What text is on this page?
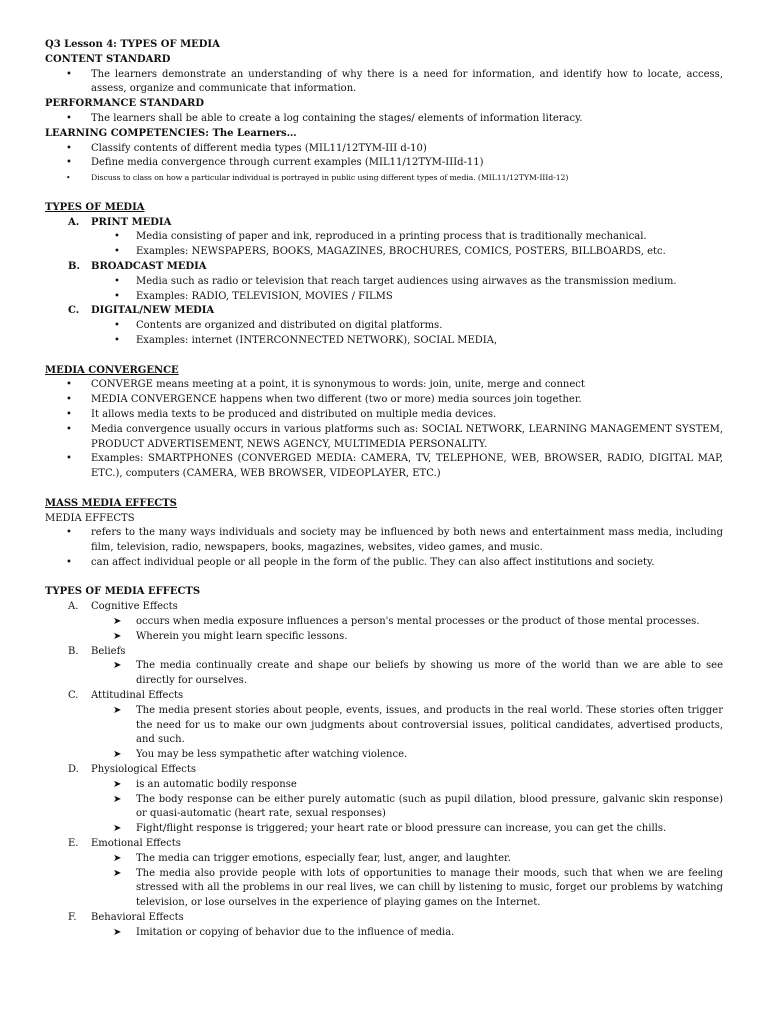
Q3 Lesson 4: TYPES OF MEDIA

CONTENT STANDARD

• The learners demonstrate an understanding of why there is a need for information, and identify how to locate, access, assess, organize and communicate that information.

PERFORMANCE STANDARD

• The learners shall be able to create a log containing the stages/ elements of information literacy.

LEARNING COMPETENCIES: The Learners…

• Classify contents of different media types (MIL11/12TYM-III d-10)
• Define media convergence through current examples (MIL11/12TYM-IIId-11)
• Discuss to class on how a particular individual is portrayed in public using different types of media. (MIL11/12TYM-IIId-12)

TYPES OF MEDIA

A. PRINT MEDIA

• Media consisting of paper and ink, reproduced in a printing process that is traditionally mechanical.
• Examples: NEWSPAPERS, BOOKS, MAGAZINES, BROCHURES, COMICS, POSTERS, BILLBOARDS, etc.

B. BROADCAST MEDIA

• Media such as radio or television that reach target audiences using airwaves as the transmission medium.
• Examples: RADIO, TELEVISION, MOVIES / FILMS

C. DIGITAL/NEW MEDIA

• Contents are organized and distributed on digital platforms.
• Examples: internet (INTERCONNECTED NETWORK), SOCIAL MEDIA,

MEDIA CONVERGENCE

• CONVERGE means meeting at a point, it is synonymous to words: join, unite, merge and connect
• MEDIA CONVERGENCE happens when two different (two or more) media sources join together.
• It allows media texts to be produced and distributed on multiple media devices.
• Media convergence usually occurs in various platforms such as: SOCIAL NETWORK, LEARNING MANAGEMENT SYSTEM, PRODUCT ADVERTISEMENT, NEWS AGENCY, MULTIMEDIA PERSONALITY.
• Examples: SMARTPHONES (CONVERGED MEDIA: CAMERA, TV, TELEPHONE, WEB, BROWSER, RADIO, DIGITAL MAP, ETC.), computers (CAMERA, WEB BROWSER, VIDEOPLAYER, ETC.)

MASS MEDIA EFFECTS

MEDIA EFFECTS

• refers to the many ways individuals and society may be influenced by both news and entertainment mass media, including film, television, radio, newspapers, books, magazines, websites, video games, and music.
• can affect individual people or all people in the form of the public. They can also affect institutions and society.

TYPES OF MEDIA EFFECTS

A. Cognitive Effects

➤ occurs when media exposure influences a person's mental processes or the product of those mental processes.
➤ Wherein you might learn specific lessons.

B. Beliefs

➤ The media continually create and shape our beliefs by showing us more of the world than we are able to see directly for ourselves.

C. Attitudinal Effects

➤ The media present stories about people, events, issues, and products in the real world. These stories often trigger the need for us to make our own judgments about controversial issues, political candidates, advertised products, and such.
➤ You may be less sympathetic after watching violence.

D. Physiological Effects

➤ is an automatic bodily response
➤ The body response can be either purely automatic (such as pupil dilation, blood pressure, galvanic skin response) or quasi-automatic (heart rate, sexual responses)
➤ Fight/flight response is triggered; your heart rate or blood pressure can increase, you can get the chills.

E. Emotional Effects

➤ The media can trigger emotions, especially fear, lust, anger, and laughter.
➤ The media also provide people with lots of opportunities to manage their moods, such that when we are feeling stressed with all the problems in our real lives, we can chill by listening to music, forget our problems by watching television, or lose ourselves in the experience of playing games on the Internet.

F. Behavioral Effects

➤ Imitation or copying of behavior due to the influence of media.
